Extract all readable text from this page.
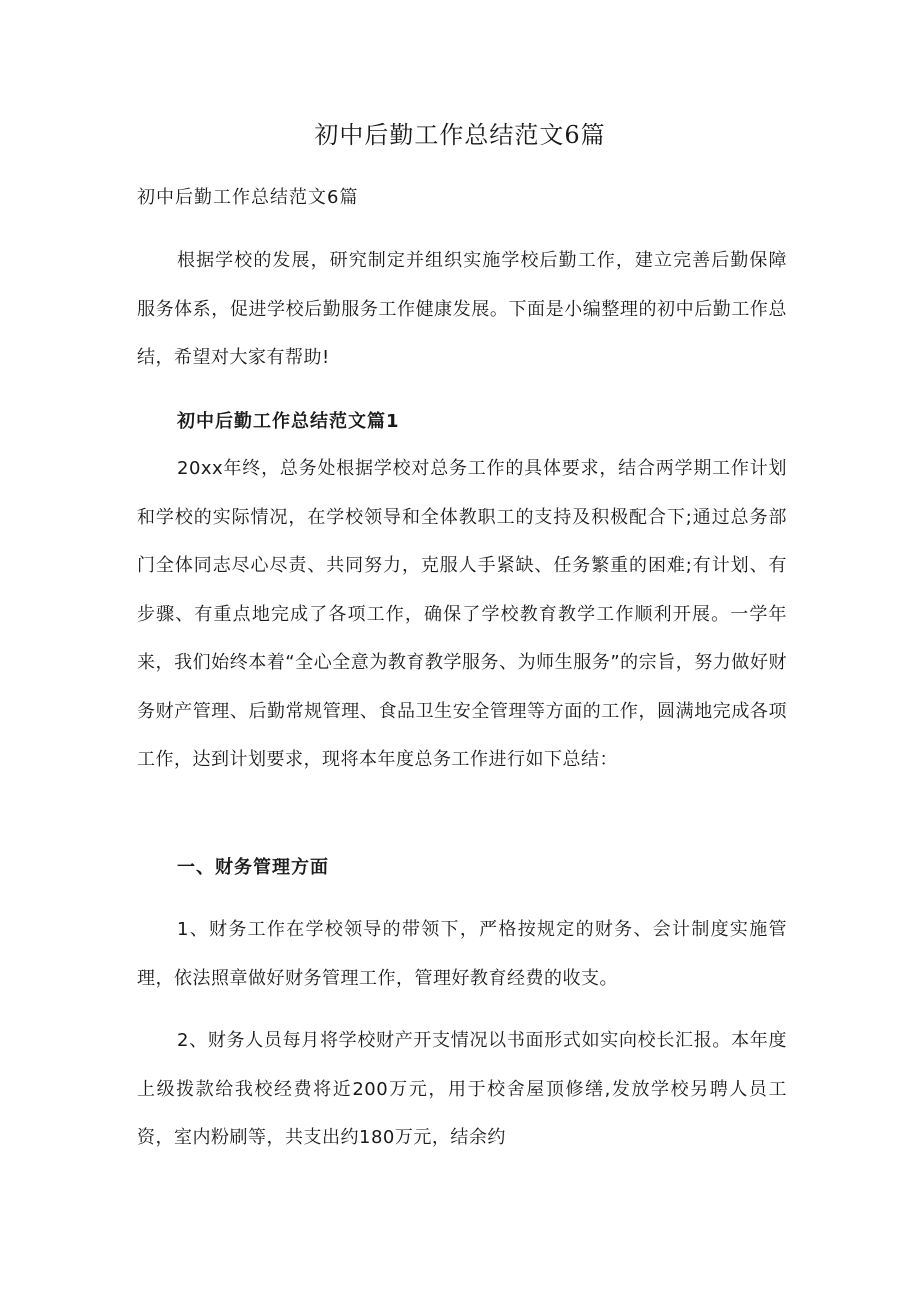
初中后勤工作总结范文6篇
初中后勤工作总结范文6篇

根据学校的发展，研究制定并组织实施学校后勤工作，建立完善后勤保障服务体系，促进学校后勤服务工作健康发展。下面是小编整理的初中后勤工作总结，希望对大家有帮助!

初中后勤工作总结范文篇1

20xx年终，总务处根据学校对总务工作的具体要求，结合两学期工作计划和学校的实际情况，在学校领导和全体教职工的支持及积极配合下;通过总务部门全体同志尽心尽责、共同努力，克服人手紧缺、任务繁重的困难;有计划、有步骤、有重点地完成了各项工作，确保了学校教育教学工作顺利开展。一学年来，我们始终本着“全心全意为教育教学服务、为师生服务”的宗旨，努力做好财务财产管理、后勤常规管理、食品卫生安全管理等方面的工作，圆满地完成各项工作，达到计划要求，现将本年度总务工作进行如下总结：

一、财务管理方面

1、财务工作在学校领导的带领下，严格按规定的财务、会计制度实施管理，依法照章做好财务管理工作，管理好教育经费的收支。

2、财务人员每月将学校财产开支情况以书面形式如实向校长汇报。本年度上级拨款给我校经费将近200万元，用于校舍屋顶修缮,发放学校另聘人员工资，室内粉刷等，共支出约180万元，结余约
